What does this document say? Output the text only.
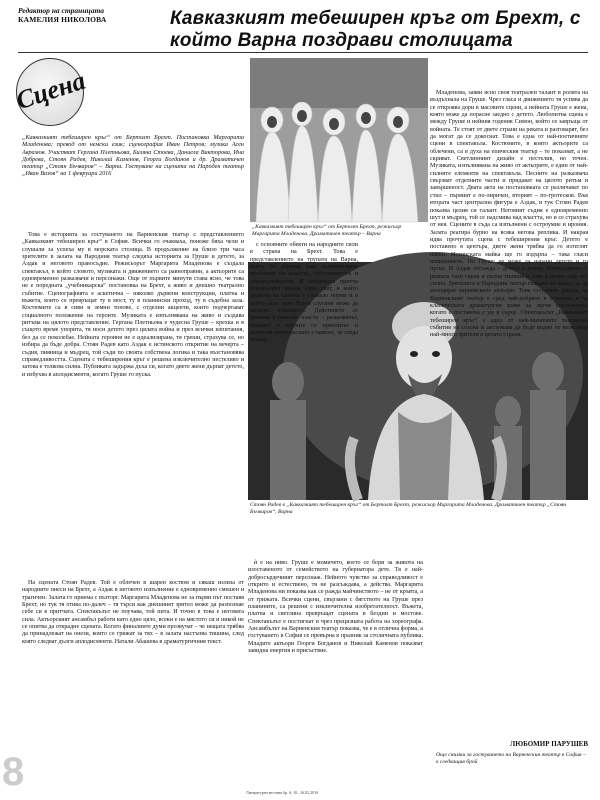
Редактор на страницата
КАМЕЛИЯ НИКОЛОВА	Кавказкият тебеширен кръг от Брехт, с който Варна поздрави столицата
Сцена
„Кавказкият тебеширен кръг“ от Бертолт Брехт. Постановка Маргарита Младенова; превод от немски език; сценография Иван Петров; музика Асен Аврамов. Участват Гергана Плетньова, Биляна Стоева, Даниела Викторова, Ина Добрева, Стоян Радев, Николай Каменов, Георги Богданов и др. Драматичен театър „Стоян Бъчваров“ – Варна. Гостуване на сцената на Народен театър „Иван Вазов“ на 1 февруари 2016
„Кавказкият тебеширен кръг“ от Бертолт Брехт, режисьор Маргарита Младенова. Драматичен театър – Варна
Стоян Радев в „Кавказкият тебеширен кръг“ от Бертолт Брехт, режисьор Маргарита Младенова. Драматичен театър „Стоян Бъчваров“, Варна

Това е историята за гостуването на Варненския театър с представлението „Кавказкият тебеширен кръг“ в София. Всички го очакваха, понеже бяха чели и слушали за успеха му в морската столица. В продължение на близо три часа зрителите в залата на Народния театър следяха историята за Груше и детето, за Аздак и неговото правосъдие. Режисьорът Маргарита Младенова е създала спектакъл, в който словото, музиката и движението са равноправни, а актьорите са едновременно разказвачи и персонажи. Още от първите минути става ясно, че това не е поредната „учебникарска“ постановка на Брехт, а живо и днешно театрално събитие. Сценографията е аскетична – няколко дървени конструкции, платна и въжета, които се превръщат ту в мост, ту в планински проход, ту в съдебна зала. Костюмите са в сиви и земни тонове, с отделни акценти, които подчертават социалното положение на героите. Музиката е изпълнявана на живо и създава ритъма на цялото представление. Гергана Плетньова е чудесна Груше – крехка и в същото време упорита, тя носи детето през цялата война и през всички изпитания, без да се поколебае. Нейната героиня не е идеализирана, тя греши, страхува се, но избира да бъде добра. Стоян Радев като Аздак е истинското откритие на вечерта – съдия, пияница и мъдрец, той съди по своята собствена логика и така възстановява справедливостта. Сцената с тебеширения кръг е решена изключително пестеливо и затова е толкова силна. Публиката задържа дъха си, когато двете жени дърпат детето, и избухва в аплодисменти, когато Груше го пуска.

На сцената Стоян Радев. Той е облечен в шарен костюм и сякаш излиза от народните пиеси на Брехт, а Аздак в неговото изпълнение е едновременно смешен и трагичен. Залата го приема с възторг. Маргарита Младенова не за първи път поставя Брехт, но тук тя отива по-далеч – тя търси как днешният зрител може да разпознае себе си в притчата. Спектакълът не поучава, той пита. И точно в това е неговата сила. Актьорският ансамбъл работи като едно цяло, всеки е на мястото си и никой не се опитва да открадне сцената. Когато финалните думи прозвучат – че нещата трябва да принадлежат на онези, които се грижат за тях – в залата настъпва тишина, след която следват дълги аплодисменти. Натали Абашева в драматургичния текст.

с основните обекти на народните сили в страна на Брехт. Това е представлението на трупата на Варна, която се обръща към съвременните проблеми на властта, собствеността и справедливостта. В кавказката притча режисьорът вижда един свят, в който правото на силния е станало норма и в който само една бедна слугиня може да защити човешкото. Действието се развива в няколко пласта – разказвачът, певците и героите се преплитат и зрителят непрекъснато е наясно, че гледа театър.

ѝ е на ниво. Груше е момичето, което се бори за живота на изоставеното от семейството на губернатора дете. Тя е най-добросърдечният персонаж. Нейното чувство за справедливост е открито и естествено, тя не разсъждава, а действа. Маргарита Младенова ни показва как се ражда майчинството – не от кръвта, а от грижата. Всички сцени, свързани с бягството на Груше през планините, са решени с изключителна изобретателност. Въжета, платна и светлина превръщат сцената в бездни и мостове. Спектакълът е постигнат и чрез прецизната работа на хореографа. Ансамбълът на Варненския театър показва, че е в отлична форма, а гостуването в София се превърна в празник за столичната публика. Младите актьори Георги Богданов и Николай Каменов показват завидна енергия и присъствие.

Младенова, заяви ясно своя театрален талант в ролята на въздъхнала на Груше. Чрез гласа и движението тя успява да се откроява дори в масовите сцени, а нейната Груше е жена, която може да порасне заедно с детето. Любопитна сцена е между Груше и нейния годеник Симон, който се завръща от войната. Те стоят от двете страни на реката и разговарят, без да могат да се докоснат. Това е една от най-поетичните сцени в спектакъла. Костюмите, в които актьорите са облечени, са в духа на епическия театър – те показват, а не скриват. Светлинният дизайн е пестелив, но точен. Музиката, изпълнявана на живо от актьорите, е един от най-силните елементи на спектакъла. Песните на разказвача свързват отделните части и придават на цялото ритъм и завършеност. Двата акта на постановката се различават по стил – първият е по-лиричен, вторият – по-гротесков. Във втората част централна фигура е Аздак, и тук Стоян Радев показва целия си талант. Неговият съдия е едновременно шут и мъдрец, той се надсмива над властта, но и се страхува от нея. Сцените в съда са изпълнени с остроумие и ирония. Залата реагира бурно на всяка негова реплика. И накрая идва прочутата сцена с тебеширения кръг. Детето е поставено в центъра, двете жени трябва да го изтеглят навън. Истинската майка ще го издърпа – така гласи изпитанието. Но Груше не може да нарани детето и го пуска. И Аздак отсъжда – детето е нейно. Режисьорката е решила тази сцена в пълна тишина и това я прави още по-силна. Зрителите в Народния театър станаха на крака, за да аплодират варненските актьори. Това гостуване доказа, че Варненският театър е сред най-добрите в страната и че класическата драматургия може да звучи съвременно, когато е поставена с ум и сърце. Спектакълът „Кавказкият тебеширен кръг“ е едно от най-значимите театрални събития на сезона и заслужава да бъде видян от възможно най-много зрители в цялата страна.

8
ЛЮБОМИР ПАРУШЕВ
Още снимки за гостуването на Варненския театър в София – в следващия брой
Литературен вестник бр. 6, 10.–16.02.2016
